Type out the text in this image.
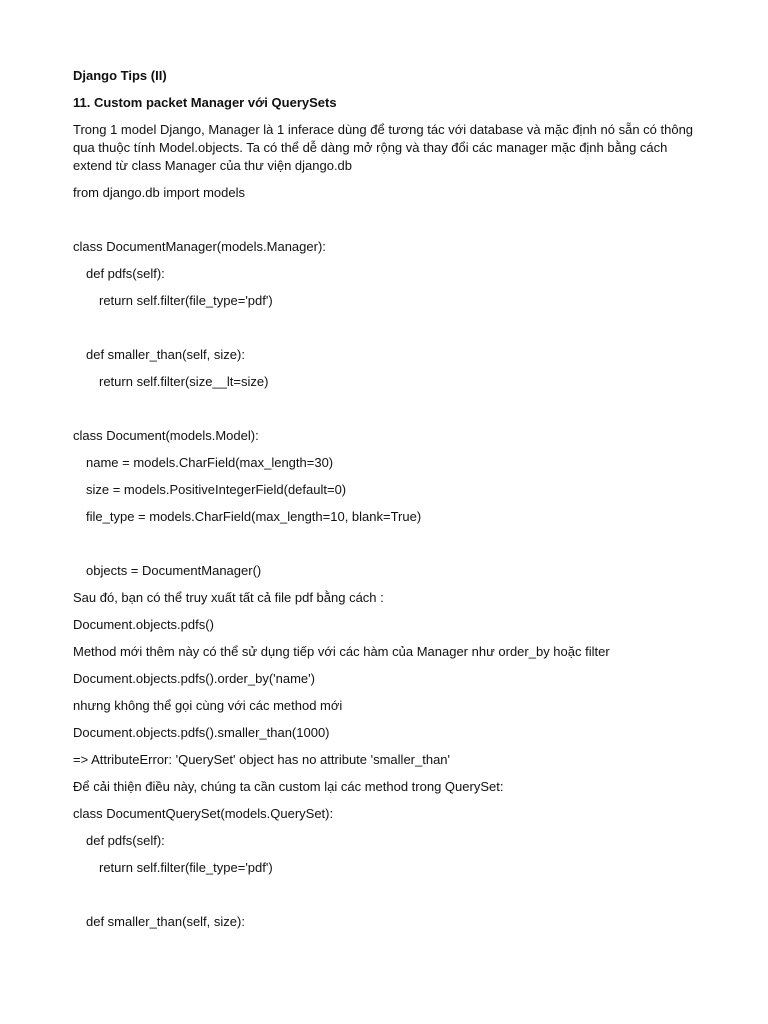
Django Tips (II)

11. Custom packet Manager với QuerySets

Trong 1 model Django, Manager là 1 inferace dùng để tương tác với database và mặc định nó sẵn có thông

qua thuộc tính Model.objects. Ta có thể dễ dàng mở rộng và thay đổi các manager mặc định bằng cách

extend từ class Manager của thư viện django.db

from django.db import models

class DocumentManager(models.Manager):

def pdfs(self):

return self.filter(file_type='pdf')

def smaller_than(self, size):

return self.filter(size__lt=size)

class Document(models.Model):

name = models.CharField(max_length=30)

size = models.PositiveIntegerField(default=0)

file_type = models.CharField(max_length=10, blank=True)

objects = DocumentManager()

Sau đó, bạn có thể truy xuất tất cả file pdf bằng cách :

Document.objects.pdfs()

Method mới thêm này có thể sử dụng tiếp với các hàm của Manager như order_by hoặc filter

Document.objects.pdfs().order_by('name')

nhưng không thể gọi cùng với các method mới

Document.objects.pdfs().smaller_than(1000)

=> AttributeError: 'QuerySet' object has no attribute 'smaller_than'

Để cải thiện điều này, chúng ta cần custom lại các method trong QuerySet:

class DocumentQuerySet(models.QuerySet):

def pdfs(self):

return self.filter(file_type='pdf')

def smaller_than(self, size):
